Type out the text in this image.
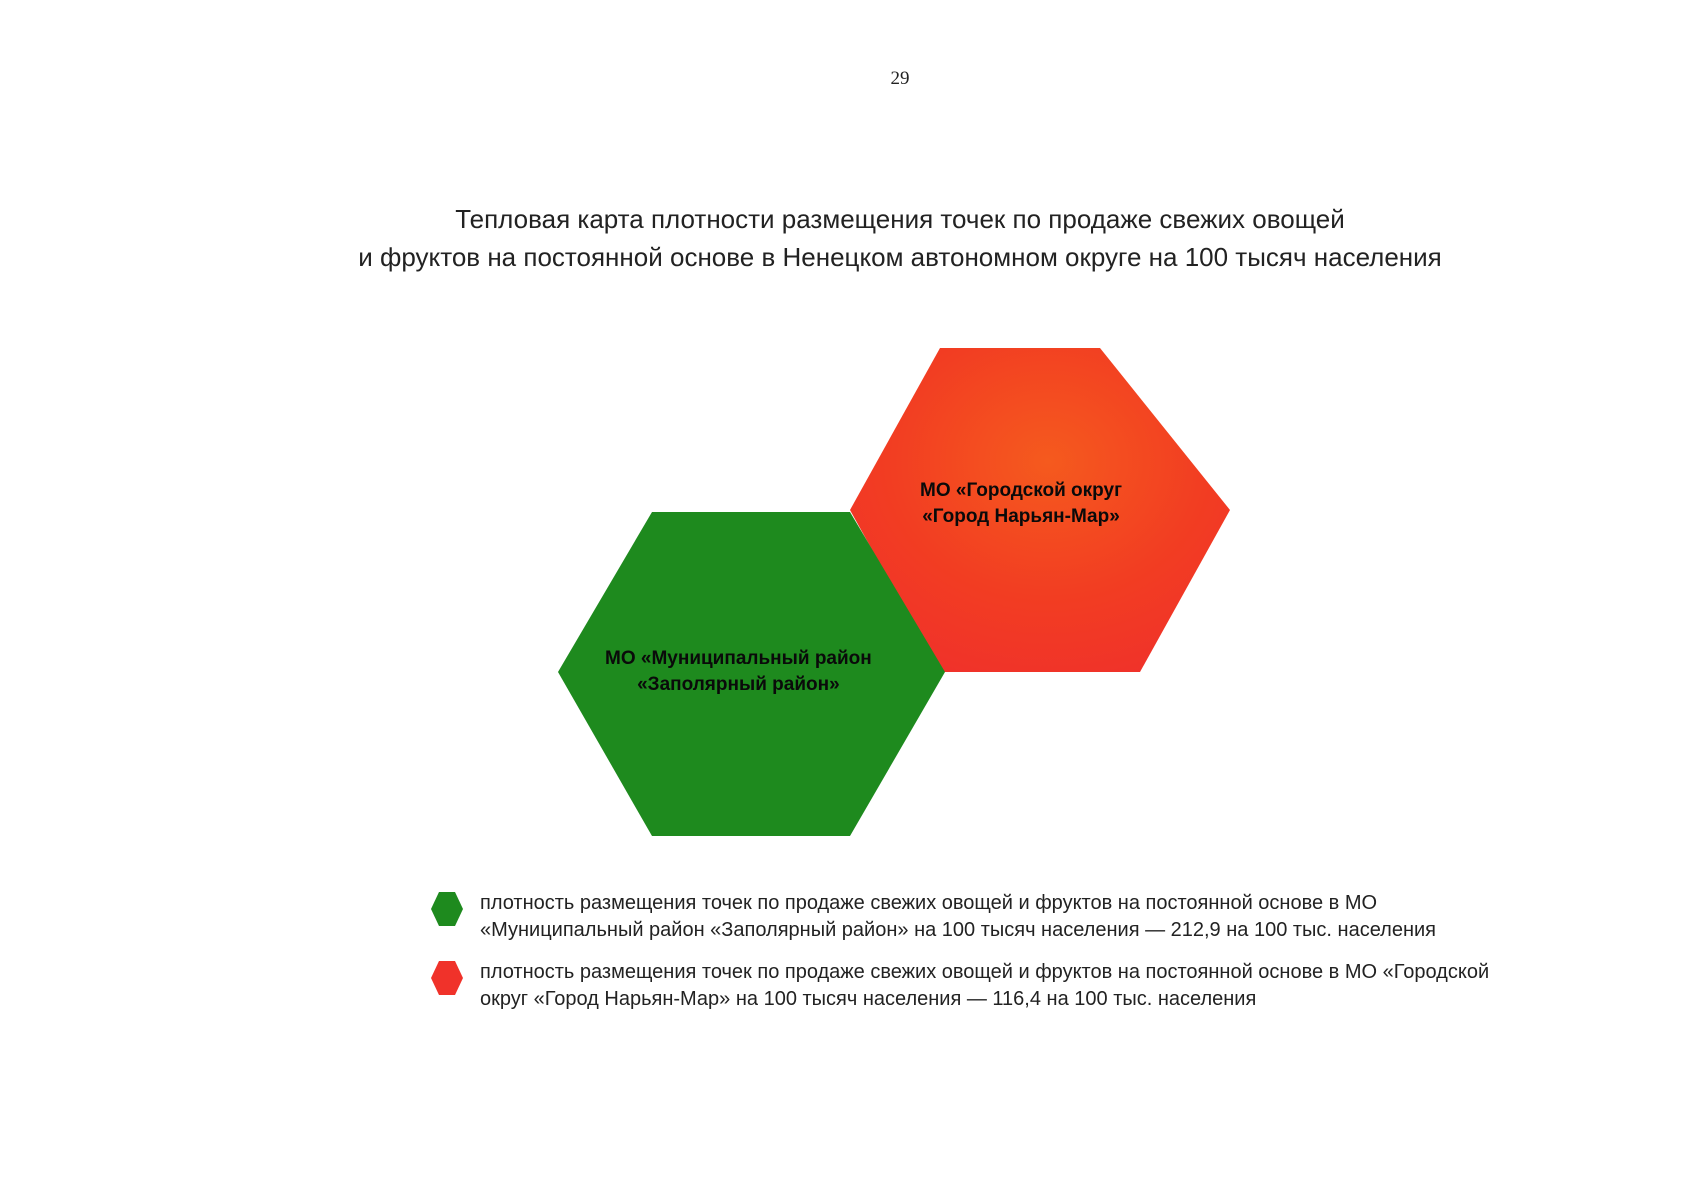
29
Тепловая карта плотности размещения точек по продаже свежих овощей
и фруктов на постоянной основе в Ненецком автономном округе на 100 тысяч населения
МО «Городской округ
«Город Нарьян-Мар»
МО «Муниципальный район
«Заполярный район»
плотность размещения точек по продаже свежих овощей и фруктов на постоянной основе в МО «Муниципальный район «Заполярный район» на 100 тысяч населения — 212,9 на 100 тыс. населения
плотность размещения точек по продаже свежих овощей и фруктов на постоянной основе в МО «Городской округ «Город Нарьян-Мар» на 100 тысяч населения — 116,4 на 100 тыс. населения
